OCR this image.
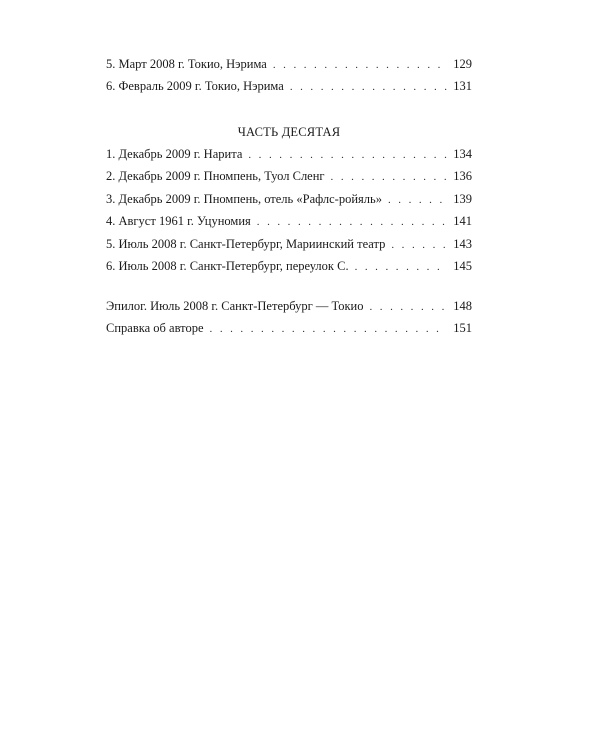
5. Март 2008 г. Токио, Нэрима . . .	129
6. Февраль 2009 г. Токио, Нэрима . . .	131
ЧАСТЬ ДЕСЯТАЯ
1. Декабрь 2009 г. Нарита . . .	134
2. Декабрь 2009 г. Пномпень, Туол Сленг . . .	136
3. Декабрь 2009 г. Пномпень, отель «Рафлс-ройяль» . . .	139
4. Август 1961 г. Уцуномия . . .	141
5. Июль 2008 г. Санкт-Петербург, Мариинский театр . . .	143
6. Июль 2008 г. Санкт-Петербург, переулок С. . . .	145
Эпилог. Июль 2008 г. Санкт-Петербург — Токио . . .	148
Справка об авторе . . .	151
